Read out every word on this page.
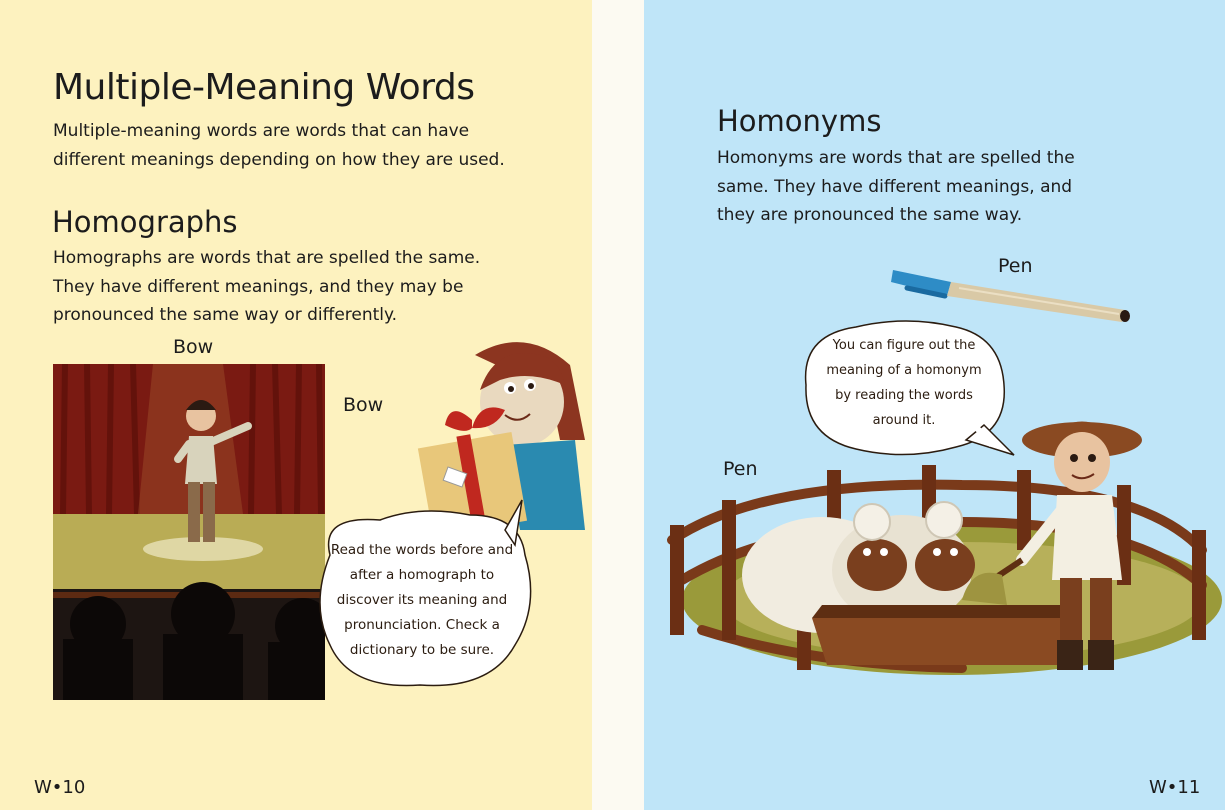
Multiple-Meaning Words

Multiple-meaning words are words that can have different meanings depending on how they are used.

Homographs

Homographs are words that are spelled the same. They have different meanings, and they may be pronounced the same way or differently.

Bow
Bow

Read the words before and after a homograph to discover its meaning and pronunciation. Check a dictionary to be sure.

W•10
Homonyms

Homonyms are words that are spelled the same. They have different meanings, and they are pronounced the same way.

Pen
Pen

You can figure out the meaning of a homonym by reading the words around it.

W•11
